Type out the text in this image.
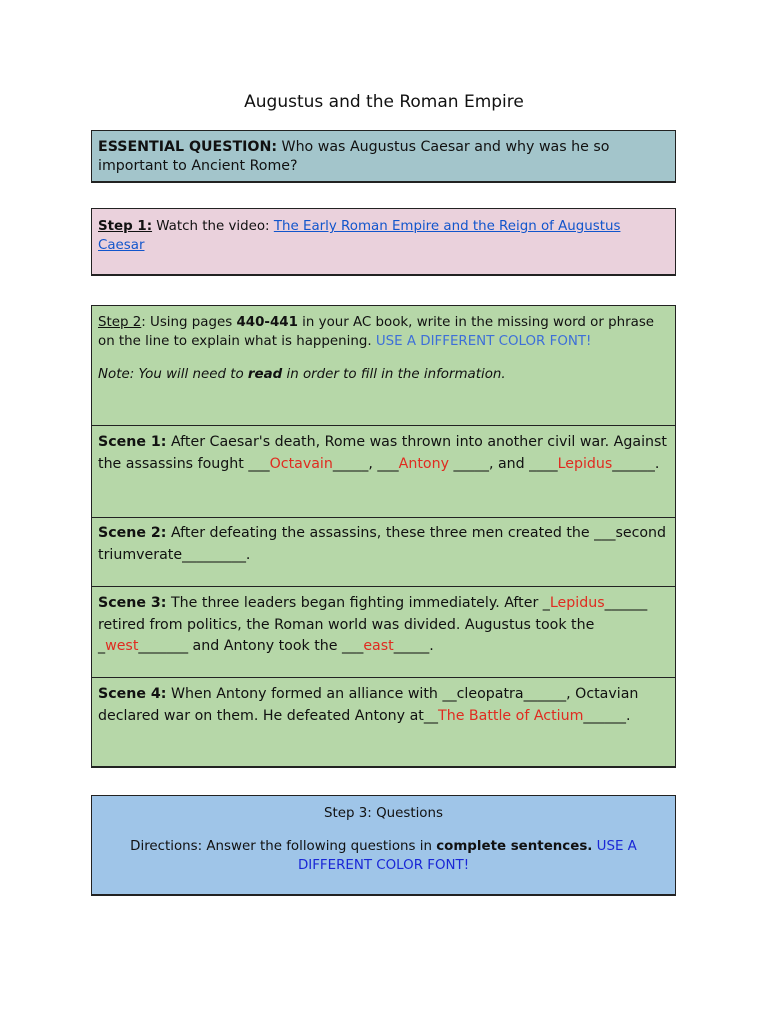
Augustus and the Roman Empire
ESSENTIAL QUESTION: Who was Augustus Caesar and why was he so important to Ancient Rome?
Step 1: Watch the video: The Early Roman Empire and the Reign of Augustus Caesar
Step 2: Using pages 440-441 in your AC book, write in the missing word or phrase on the line to explain what is happening. USE A DIFFERENT COLOR FONT!
Note: You will need to read in order to fill in the information.
Scene 1: After Caesar's death, Rome was thrown into another civil war. Against the assassins fought ___Octavain_____, ___Antony _____, and ____Lepidus______.
Scene 2: After defeating the assassins, these three men created the ___second triumverate_________.
Scene 3: The three leaders began fighting immediately. After _Lepidus______ retired from politics, the Roman world was divided. Augustus took the _west_______ and Antony took the ___east_____.
Scene 4: When Antony formed an alliance with __cleopatra______, Octavian declared war on them. He defeated Antony at__The Battle of Actium______.
Step 3: Questions
Directions: Answer the following questions in complete sentences. USE A DIFFERENT COLOR FONT!
